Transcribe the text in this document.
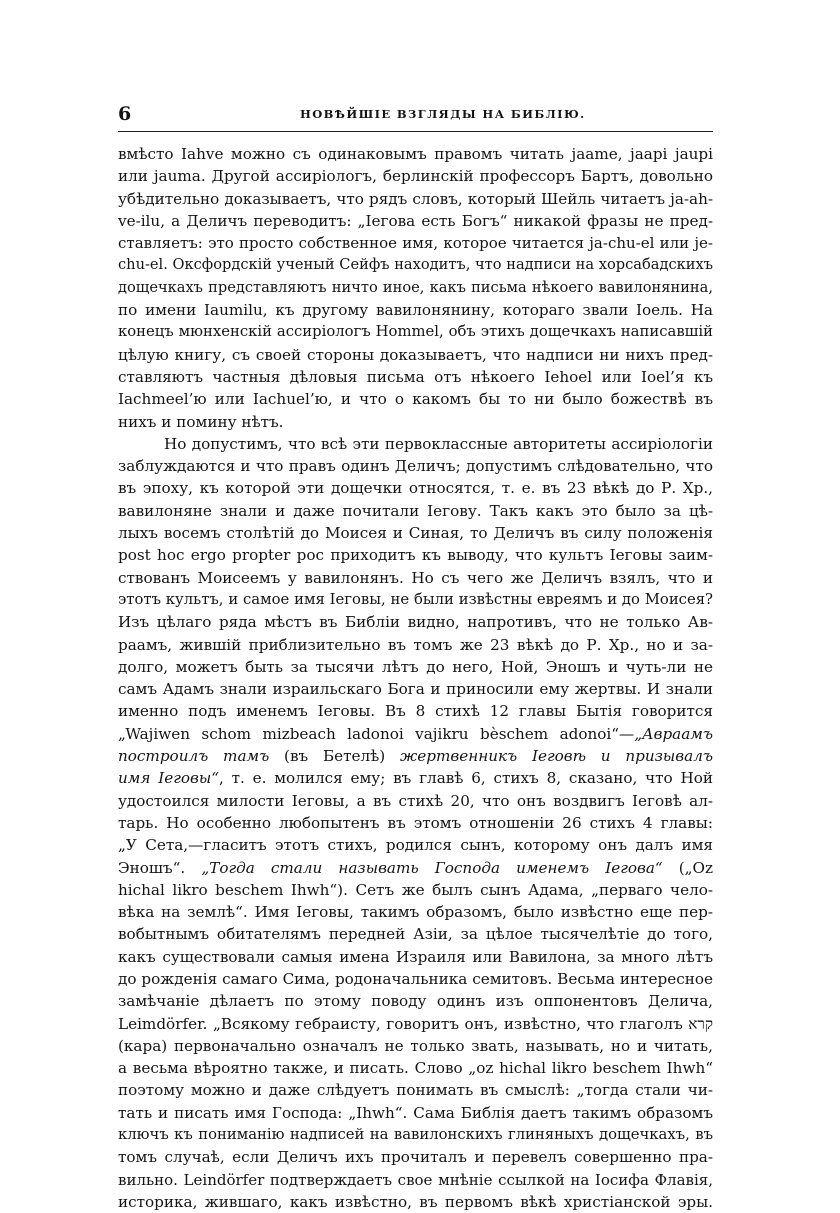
6	НОВѢЙШІЕ ВЗГЛЯДЫ НА БИБЛІЮ.
вмѣсто Iahve можно съ одинаковымъ правомъ читать jaame, jaapi jaupi
или jauma. Другой ассиріологъ, берлинскій профессоръ Бартъ, довольно
убѣдительно доказываетъ, что рядъ словъ, который Шейль читаетъ ja-ah-
ve-ilu, а Деличъ переводитъ: „Iегова есть Богъ“ никакой фразы не пред-
ставляетъ: это просто собственное имя, которое читается ja-chu-el или je-
chu-el. Оксфордскій ученый Сейфъ находитъ, что надписи на хорсабадскихъ
дощечкахъ представляютъ ничто иное, какъ письма нѣкоего вавилонянина,
по имени Iaumilu, къ другому вавилонянину, котораго звали Iоель. На
конецъ мюнхенскій ассиріологъ Hommel, объ этихъ дощечкахъ написавшій
цѣлую книгу, съ своей стороны доказываетъ, что надписи ни нихъ пред-
ставляютъ частныя дѣловыя письма отъ нѣкоего Iehoel или Ioel’я къ
Iachmeel’ю или Iachuel’ю, и что о какомъ бы то ни было божествѣ въ
нихъ и помину нѣтъ.
Но допустимъ, что всѣ эти первоклассные авторитеты ассиріологіи
заблуждаются и что правъ одинъ Деличъ; допустимъ слѣдовательно, что
въ эпоху, къ которой эти дощечки относятся, т. е. въ 23 вѣкѣ до Р. Хр.,
вавилоняне знали и даже почитали Iегову. Такъ какъ это было за цѣ-
лыхъ восемъ столѣтій до Моисея и Синая, то Деличъ въ силу положенія
post hoc ergo propter poc приходитъ къ выводу, что культъ Iеговы заим-
ствованъ Моисеемъ у вавилонянъ. Но съ чего же Деличъ взялъ, что и
этотъ культъ, и самое имя Iеговы, не были извѣстны евреямъ и до Моисея?
Изъ цѣлаго ряда мѣстъ въ Библіи видно, напротивъ, что не только Ав-
раамъ, жившій приблизительно въ томъ же 23 вѣкѣ до Р. Хр., но и за-
долго, можетъ быть за тысячи лѣтъ до него, Ной, Эношъ и чуть-ли не
самъ Адамъ знали израильскаго Бога и приносили ему жертвы. И знали
именно подъ именемъ Iеговы. Въ 8 стихѣ 12 главы Бытія говорится
„Wajiwen schom mizbeach ladonoi vajikru bèschem adonoi“—„Авраамъ
построилъ тамъ (въ Бетелѣ) жертвенникъ Iеговѣ и призывалъ
имя Iеговы“, т. е. молился ему; въ главѣ 6, стихъ 8, сказано, что Ной
удостоился милости Iеговы, а въ стихѣ 20, что онъ воздвигъ Iеговѣ ал-
тарь. Но особенно любопытенъ въ этомъ отношеніи 26 стихъ 4 главы:
„У Сета,—гласитъ этотъ стихъ, родился сынъ, которому онъ далъ имя
Эношъ“. „Тогда стали называть Господа именемъ Iегова“ („Oz
hichal likro beschem Ihwh“). Сетъ же былъ сынъ Адама, „перваго чело-
вѣка на землѣ“. Имя Iеговы, такимъ образомъ, было извѣстно еще пер-
вобытнымъ обитателямъ передней Азіи, за цѣлое тысячелѣтіе до того,
какъ существовали самыя имена Израиля или Вавилона, за много лѣтъ
до рожденія самаго Сима, родоначальника семитовъ. Весьма интересное
замѣчаніе дѣлаетъ по этому поводу одинъ изъ оппонентовъ Делича,
Leimdörfer. „Всякому гебраисту, говоритъ онъ, извѣстно, что глаголъ קרא
(кара) первоначально означалъ не только звать, называть, но и читать,
а весьма вѣроятно также, и писать. Слово „oz hichal likro beschem Ihwh“
поэтому можно и даже слѣдуетъ понимать въ смыслѣ: „тогда стали чи-
тать и писать имя Господа: „Ihwh“. Сама Библія даетъ такимъ образомъ
ключъ къ пониманію надписей на вавилонскихъ глиняныхъ дощечкахъ, въ
томъ случаѣ, если Деличъ ихъ прочиталъ и перевелъ совершенно пра-
вильно. Leindörfer подтверждаетъ свое мнѣніе ссылкой на Iосифа Флавія,
историка, жившаго, какъ извѣстно, въ первомъ вѣкѣ христіанской эры.
